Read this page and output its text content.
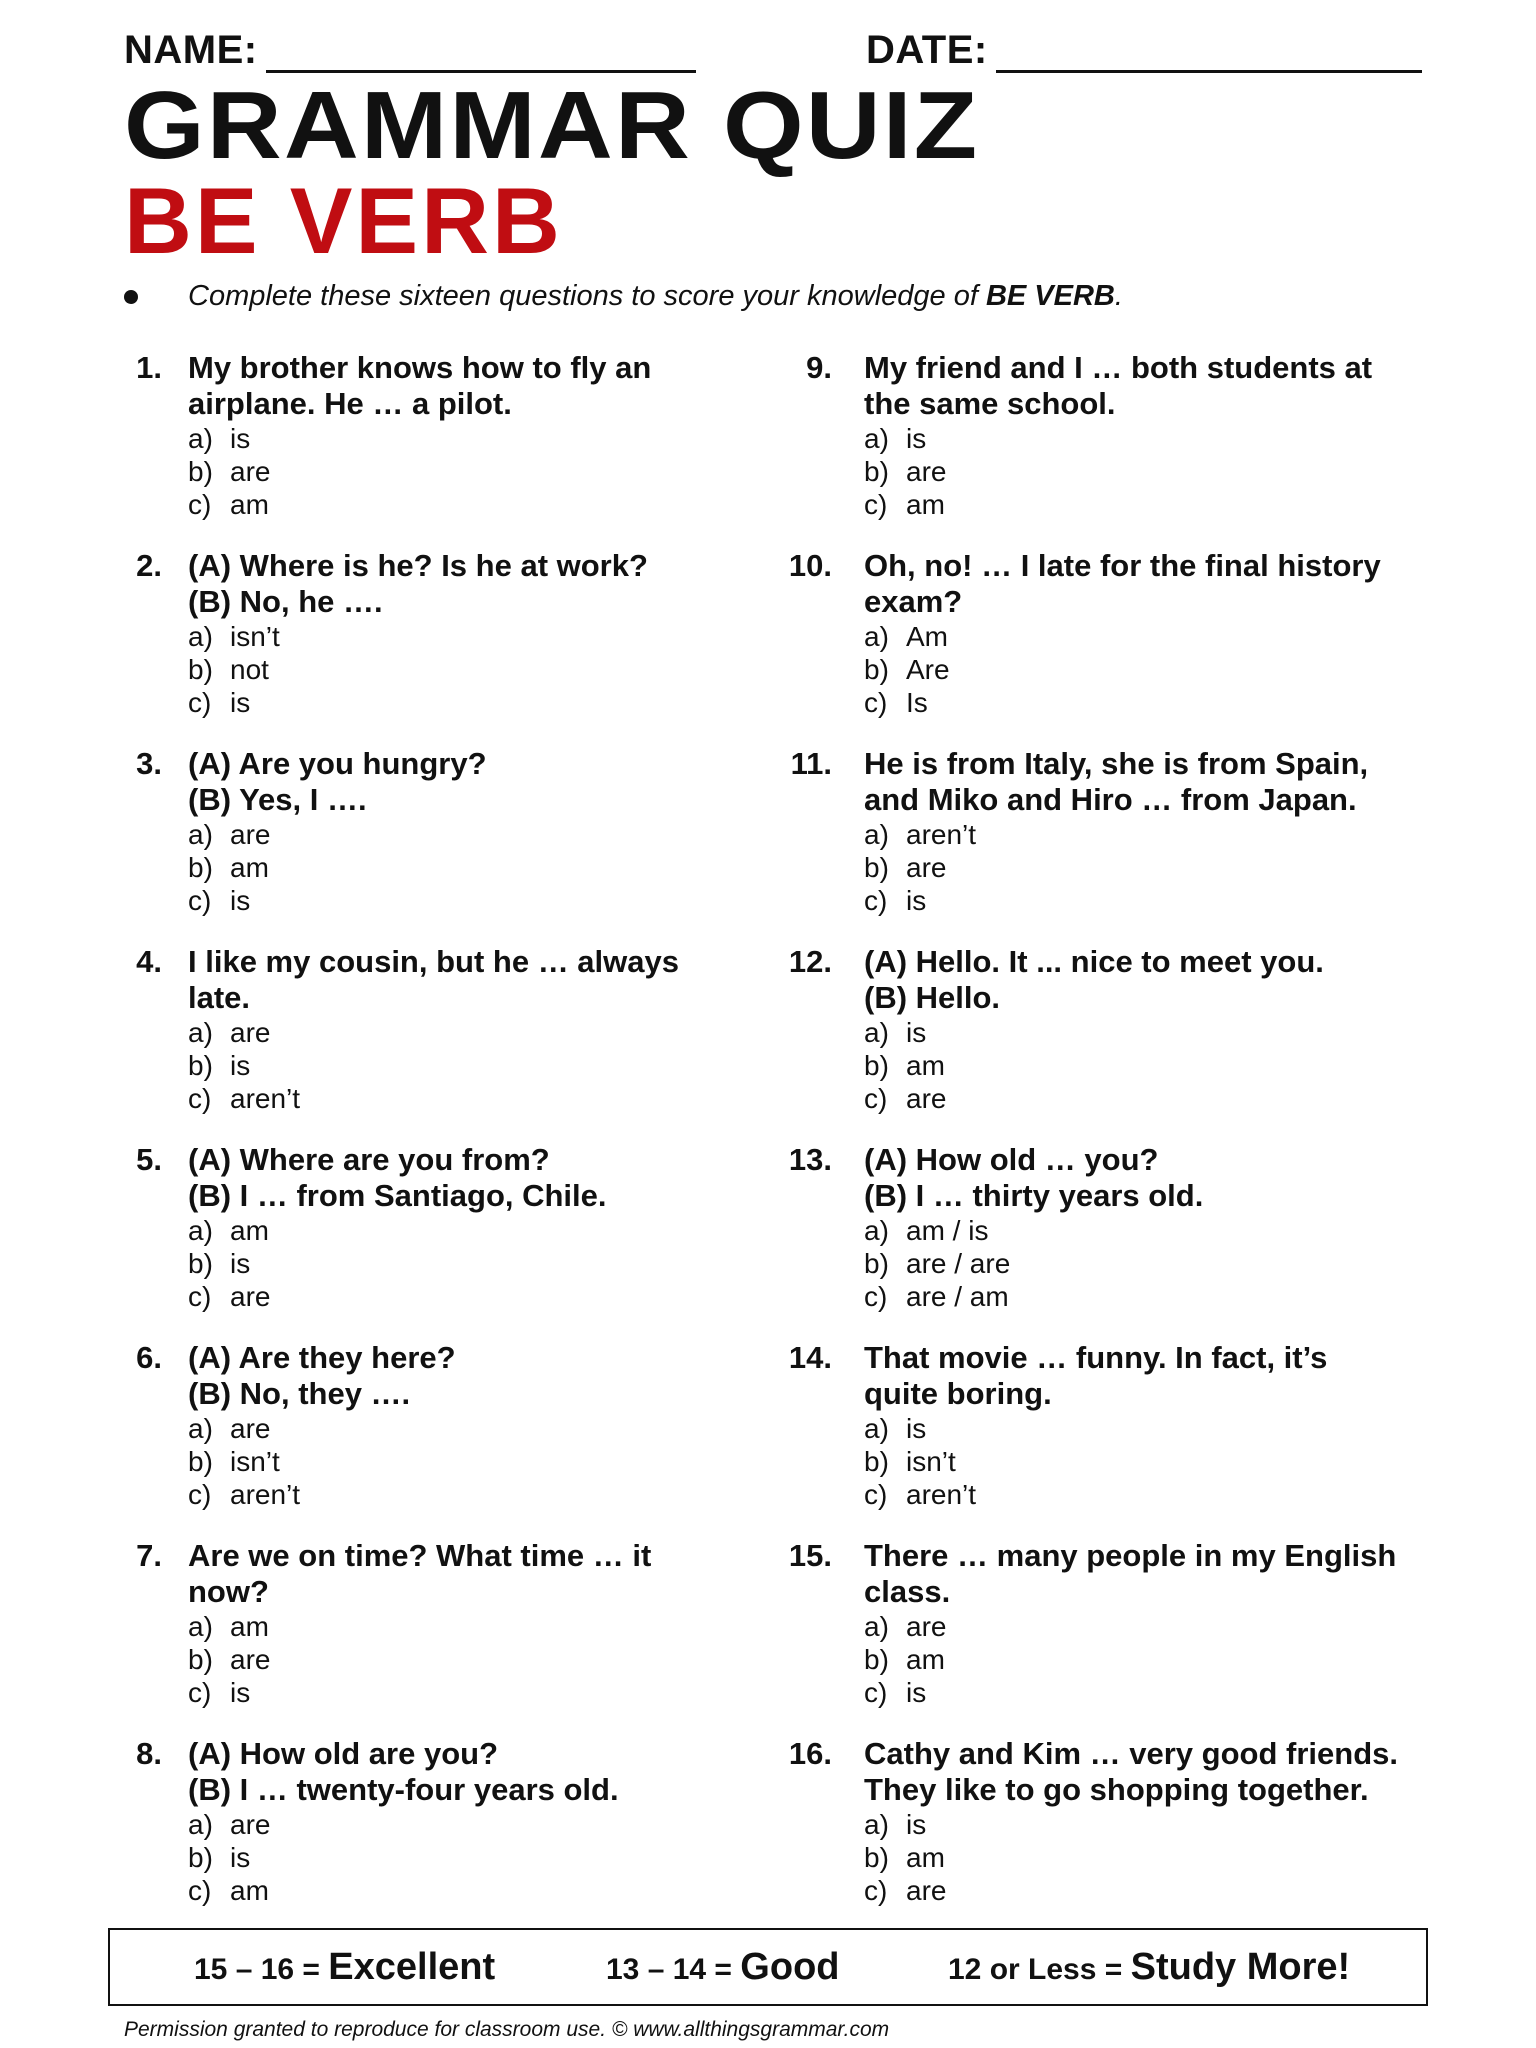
NAME:	DATE:
GRAMMAR QUIZ
BE VERB
Complete these sixteen questions to score your knowledge of BE VERB.
1. My brother knows how to fly an
airplane. He … a pilot.
a) is
b) are
c) am
2. (A) Where is he? Is he at work?
(B) No, he ….
a) isn’t
b) not
c) is
3. (A) Are you hungry?
(B) Yes, I ….
a) are
b) am
c) is
4. I like my cousin, but he … always
late.
a) are
b) is
c) aren’t
5. (A) Where are you from?
(B) I … from Santiago, Chile.
a) am
b) is
c) are
6. (A) Are they here?
(B) No, they ….
a) are
b) isn’t
c) aren’t
7. Are we on time? What time … it
now?
a) am
b) are
c) is
8. (A) How old are you?
(B) I … twenty-four years old.
a) are
b) is
c) am
9. My friend and I … both students at
the same school.
a) is
b) are
c) am
10. Oh, no! … I late for the final history
exam?
a) Am
b) Are
c) Is
11. He is from Italy, she is from Spain,
and Miko and Hiro … from Japan.
a) aren’t
b) are
c) is
12. (A) Hello. It ... nice to meet you.
(B) Hello.
a) is
b) am
c) are
13. (A) How old … you?
(B) I … thirty years old.
a) am / is
b) are / are
c) are / am
14. That movie … funny. In fact, it’s
quite boring.
a) is
b) isn’t
c) aren’t
15. There … many people in my English
class.
a) are
b) am
c) is
16. Cathy and Kim … very good friends.
They like to go shopping together.
a) is
b) am
c) are
15 – 16 = Excellent	13 – 14 = Good	12 or Less = Study More!
Permission granted to reproduce for classroom use. © www.allthingsgrammar.com
